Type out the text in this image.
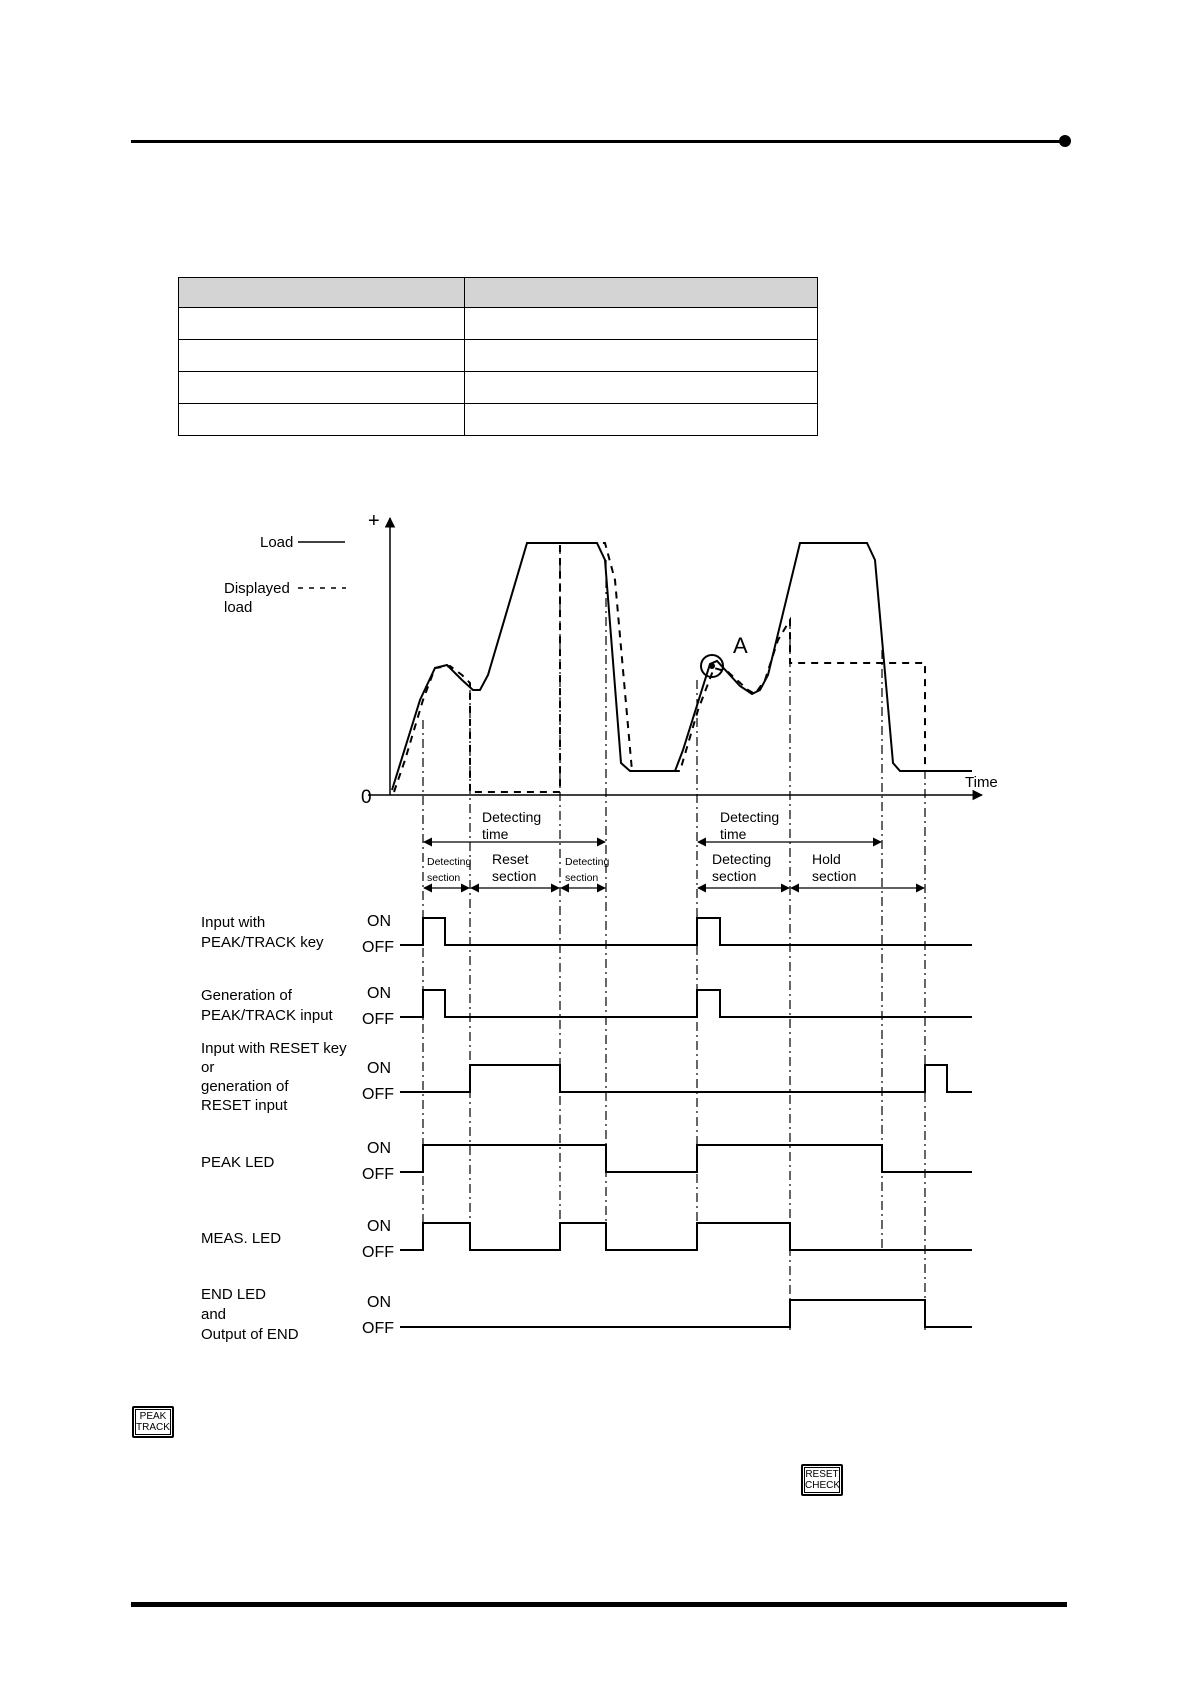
+
0
Time
Load
Displayed
load
A
Detecting
time
Detecting
time
Detecting
section
Reset
section
Detecting
section
Detecting
section
Hold
section
Input with
PEAK/TRACK key
Generation of
PEAK/TRACK input
Input with RESET key
or
generation of
RESET input
PEAK LED
MEAS. LED
END LED
and
Output of END
ON
OFF
ON
OFF
ON
OFF
ON
OFF
ON
OFF
ON
OFF
PEAK
TRACK
RESET
CHECK
